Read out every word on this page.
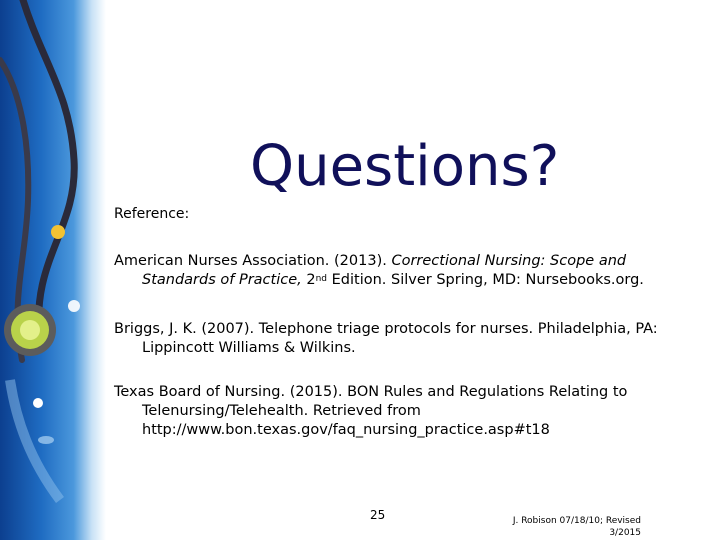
Questions?
Reference:
American Nurses Association. (2013). Correctional Nursing: Scope and
Standards of Practice, 2nd Edition. Silver Spring, MD: Nursebooks.org.
Briggs, J. K. (2007). Telephone triage protocols for nurses. Philadelphia, PA:
Lippincott Williams & Wilkins.
Texas Board of Nursing. (2015). BON Rules and Regulations Relating to
Telenursing/Telehealth. Retrieved from
http://www.bon.texas.gov/faq_nursing_practice.asp#t18
25	J. Robison 07/18/10; Revised
3/2015
